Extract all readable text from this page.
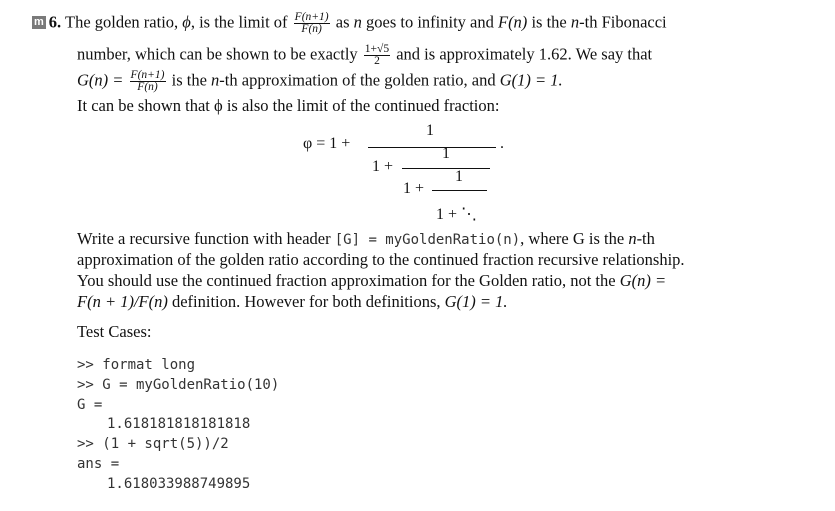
m 6. The golden ratio, ϕ, is the limit of $\frac{F(n+1)}{F(n)}$ as n goes to infinity and F(n) is the n-th Fibonacci
number, which can be shown to be exactly $\frac{1+√5}{2}$ and is approximately 1.62. We say that
$G(n) = \frac{F(n+1)}{F(n)}$ is the n-th approximation of the golden ratio, and G(1) = 1.
It can be shown that ϕ is also the limit of the continued fraction:
φ = 1 +
1
.
1 +
1
1 +
1
1 + ⋱
Write a recursive function with header [G] = myGoldenRatio(n), where G is the n-th
approximation of the golden ratio according to the continued fraction recursive relationship.
You should use the continued fraction approximation for the Golden ratio, not the G(n) =
F(n + 1)/F(n) definition. However for both definitions, G(1) = 1.
Test Cases:
>> format long
>> G = myGoldenRatio(10)
G =
1.618181818181818
>> (1 + sqrt(5))/2
ans =
1.618033988749895
